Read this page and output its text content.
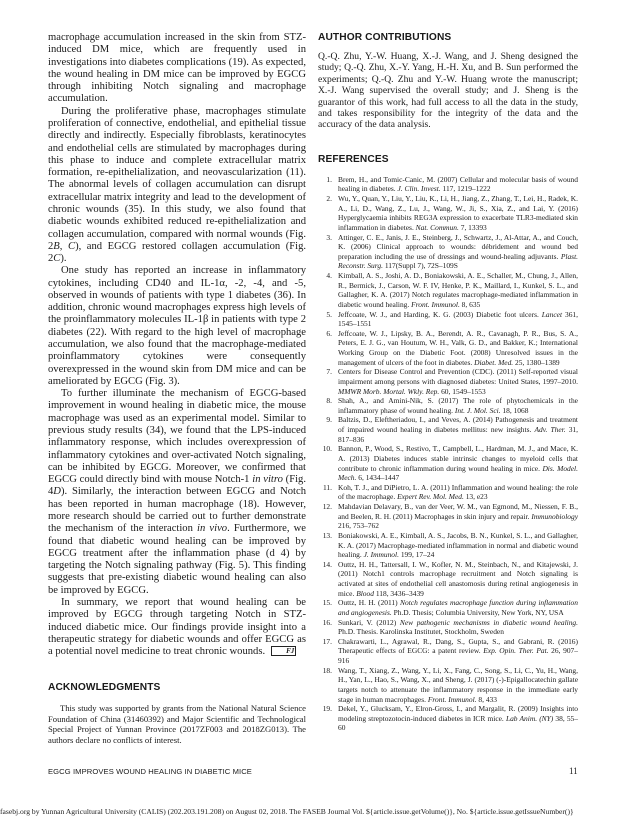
macrophage accumulation increased in the skin from STZ-induced DM mice, which are frequently used in investigations into diabetes complications (19). As expected, the wound healing in DM mice can be improved by EGCG through inhibiting Notch signaling and macrophage accumulation.

During the proliferative phase, macrophages stimulate proliferation of connective, endothelial, and epithelial tissue directly and indirectly. Especially fibroblasts, keratinocytes and endothelial cells are stimulated by macrophages during this phase to induce and complete extracellular matrix formation, re-epithelialization, and neovascularization (11). The abnormal levels of collagen accumulation can disrupt extracellular matrix integrity and lead to the development of chronic wounds (35). In this study, we also found that diabetic wounds exhibited reduced re-epithelialization and collagen accumulation, compared with normal wounds (Fig. 2B, C), and EGCG restored collagen accumulation (Fig. 2C).

One study has reported an increase in inflammatory cytokines, including CD40 and IL-1α, -2, -4, and -5, observed in wounds of patients with type 1 diabetes (36). In addition, chronic wound macrophages express high levels of the proinflammatory molecules IL-1β in patients with type 2 diabetes (22). With regard to the high level of macrophage accumulation, we also found that the macrophage-mediated proinflammatory cytokines were consequently overexpressed in the wound skin from DM mice and can be ameliorated by EGCG (Fig. 3).

To further illuminate the mechanism of EGCG-based improvement in wound healing in diabetic mice, the mouse macrophage was used as an experimental model. Similar to previous study results (34), we found that the LPS-induced inflammatory response, which includes overexpression of inflammatory cytokines and over-activated Notch signaling, can be inhibited by EGCG. Moreover, we confirmed that EGCG could directly bind with mouse Notch-1 in vitro (Fig. 4D). Similarly, the interaction between EGCG and Notch has been reported in human macrophage (18). However, more research should be carried out to further demonstrate the mechanism of the interaction in vivo. Furthermore, we found that diabetic wound healing can be improved by EGCG treatment after the inflammation phase (d 4) by targeting the Notch signaling pathway (Fig. 5). This finding suggests that pre-existing diabetic wound healing can also be improved by EGCG.

In summary, we report that wound healing can be improved by EGCG through targeting Notch in STZ-induced diabetic mice. Our findings provide insight into a therapeutic strategy for diabetic wounds and offer EGCG as a potential novel medicine to treat chronic wounds.	FJ

ACKNOWLEDGMENTS

This study was supported by grants from the National Natural Science Foundation of China (31460392) and Major Scientific and Technological Special Project of Yunnan Province (2017ZF003 and 2018ZG013). The authors declare no conflicts of interest.

AUTHOR CONTRIBUTIONS

Q.-Q. Zhu, Y.-W. Huang, X.-J. Wang, and J. Sheng designed the study; Q.-Q. Zhu, X.-Y. Yang, H.-H. Xu, and B. Sun performed the experiments; Q.-Q. Zhu and Y.-W. Huang wrote the manuscript; X.-J. Wang supervised the overall study; and J. Sheng is the guarantor of this work, had full access to all the data in the study, and takes responsibility for the integrity of the data and the accuracy of the data analysis.

REFERENCES
1. Brem, H., and Tomic-Canic, M. (2007) Cellular and molecular basis of wound healing in diabetes. J. Clin. Invest. 117, 1219–1222
2. Wu, Y., Quan, Y., Liu, Y., Liu, K., Li, H., Jiang, Z., Zhang, T., Lei, H., Radek, K. A., Li, D., Wang, Z., Lu, J., Wang, W., Ji, S., Xia, Z., and Lai, Y. (2016) Hyperglycaemia inhibits REG3A expression to exacerbate TLR3-mediated skin inflammation in diabetes. Nat. Commun. 7, 13393
3. Attinger, C. E., Janis, J. E., Steinberg, J., Schwartz, J., Al-Attar, A., and Couch, K. (2006) Clinical approach to wounds: débridement and wound bed preparation including the use of dressings and wound-healing adjuvants. Plast. Reconstr. Surg. 117(Suppl 7), 72S–109S
4. Kimball, A. S., Joshi, A. D., Boniakowski, A. E., Schaller, M., Chung, J., Allen, R., Bermick, J., Carson, W. F. IV, Henke, P. K., Maillard, I., Kunkel, S. L., and Gallagher, K. A. (2017) Notch regulates macrophage-mediated inflammation in diabetic wound healing. Front. Immunol. 8, 635
5. Jeffcoate, W. J., and Harding, K. G. (2003) Diabetic foot ulcers. Lancet 361, 1545–1551
6. Jeffcoate, W. J., Lipsky, B. A., Berendt, A. R., Cavanagh, P. R., Bus, S. A., Peters, E. J. G., van Houtum, W. H., Valk, G. D., and Bakker, K.; International Working Group on the Diabetic Foot. (2008) Unresolved issues in the management of ulcers of the foot in diabetes. Diabet. Med. 25, 1380–1389
7. Centers for Disease Control and Prevention (CDC). (2011) Self-reported visual impairment among persons with diagnosed diabetes: United States, 1997–2010. MMWR Morb. Mortal. Wkly. Rep. 60, 1549–1553
8. Shah, A., and Amini-Nik, S. (2017) The role of phytochemicals in the inflammatory phase of wound healing. Int. J. Mol. Sci. 18, 1068
9. Baltzis, D., Eleftheriadou, I., and Veves, A. (2014) Pathogenesis and treatment of impaired wound healing in diabetes mellitus: new insights. Adv. Ther. 31, 817–836
10. Bannon, P., Wood, S., Restivo, T., Campbell, L., Hardman, M. J., and Mace, K. A. (2013) Diabetes induces stable intrinsic changes to myeloid cells that contribute to chronic inflammation during wound healing in mice. Dis. Model. Mech. 6, 1434–1447
11. Koh, T. J., and DiPietro, L. A. (2011) Inflammation and wound healing: the role of the macrophage. Expert Rev. Mol. Med. 13, e23
12. Mahdavian Delavary, B., van der Veer, W. M., van Egmond, M., Niessen, F. B., and Beelen, R. H. (2011) Macrophages in skin injury and repair. Immunobiology 216, 753–762
13. Boniakowski, A. E., Kimball, A. S., Jacobs, B. N., Kunkel, S. L., and Gallagher, K. A. (2017) Macrophage-mediated inflammation in normal and diabetic wound healing. J. Immunol. 199, 17–24
14. Outtz, H. H., Tattersall, I. W., Kofler, N. M., Steinbach, N., and Kitajewski, J. (2011) Notch1 controls macrophage recruitment and Notch signaling is activated at sites of endothelial cell anastomosis during retinal angiogenesis in mice. Blood 118, 3436–3439
15. Outtz, H. H. (2011) Notch regulates macrophage function during inflammation and angiogenesis. Ph.D. Thesis; Columbia University, New York, NY, USA
16. Sunkari, V. (2012) New pathogenic mechanisms in diabetic wound healing. Ph.D. Thesis. Karolinska Institutet, Stockholm, Sweden
17. Chakrawarti, L., Agrawal, R., Dang, S., Gupta, S., and Gabrani, R. (2016) Therapeutic effects of EGCG: a patent review. Exp. Opin. Ther. Pat. 26, 907–916
18. Wang, T., Xiang, Z., Wang, Y., Li, X., Fang, C., Song, S., Li, C., Yu, H., Wang, H., Yan, L., Hao, S., Wang, X., and Sheng, J. (2017) (-)-Epigallocatechin gallate targets notch to attenuate the inflammatory response in the immediate early stage in human macrophages. Front. Immunol. 8, 433
19. Dekel, Y., Glucksam, Y., Elron-Gross, I., and Margalit, R. (2009) Insights into modeling streptozotocin-induced diabetes in ICR mice. Lab Anim. (NY) 38, 55–60
EGCG IMPROVES WOUND HEALING IN DIABETIC MICE	11
fasebj.org by Yunnan Agricultural University (CALIS) (202.203.191.208) on August 02, 2018. The FASEB Journal Vol. ${article.issue.getVolume()}, No. ${article.issue.getIssueNumber()}
